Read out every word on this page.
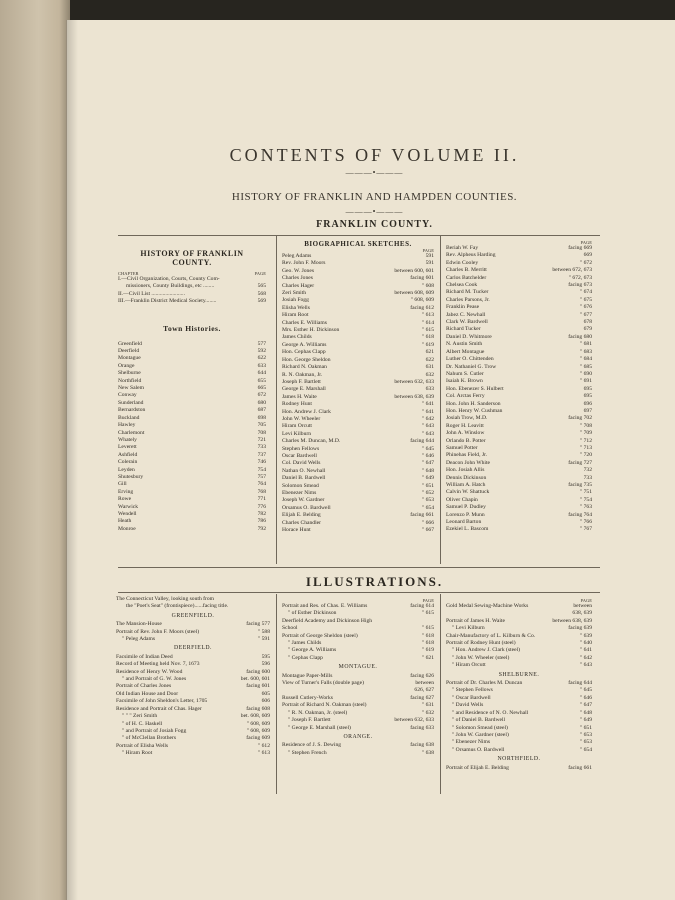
CONTENTS OF VOLUME II.
———•———
HISTORY OF FRANKLIN AND HAMPDEN COUNTIES.
———•———
FRANKLIN COUNTY.
HISTORY OF FRANKLIN
COUNTY.
CHAPTER	PAGE
I.—Civil Organization, Courts, County Com-
missioners, County Buildings, etc ........	565
II.—Civil List ........................	568
III.—Franklin District Medical Society........	569
Town Histories.
Greenfield	577
Deerfield	592
Montague	622
Orange	633
Shelburne	644
Northfield	655
New Salem	665
Conway	672
Sunderland	680
Bernardston	687
Buckland	698
Hawley	705
Charlemont	708
Whately	721
Leverett	733
Ashfield	737
Colerain	746
Leyden	754
Shutesbury	757
Gill	764
Erving	768
Rowe	771
Warwick	776
Wendell	782
Heath	786
Monroe	792
BIOGRAPHICAL SKETCHES.
PAGE
Peleg Adams	591
Rev. John F. Moors	591
Geo. W. Jones	between 600, 601
Charles Jones	facing 601
Charles Hager	" 608
Zeri Smith	between 608, 609
Josiah Fogg	" 608, 609
Elisha Wells	facing 612
Hiram Root	" 613
Charles E. Williams	" 614
Mrs. Esther H. Dickinson	" 615
James Childs	" 618
George A. Williams	" 619
Hon. Cephas Clapp	621
Hon. George Sheldon	622
Richard N. Oakman	631
R. N. Oakman, Jr.	632
Joseph F. Bartlett	between 632, 633
George E. Marshall	633
James H. Waite	between 638, 639
Rodney Hunt	" 641
Hon. Andrew J. Clark	" 641
John W. Wheeler	" 642
Hiram Orcutt	" 643
Levi Kilburn	" 643
Charles M. Duncan, M.D.	facing 644
Stephen Fellows	" 645
Oscar Bardwell	" 646
Col. David Wells	" 647
Nathan O. Newhall	" 648
Daniel B. Bardwell	" 649
Solomon Smead	" 651
Ebenezer Nims	" 652
Joseph W. Gardner	" 653
Orsamus O. Bardwell	" 654
Elijah E. Belding	facing 661
Charles Chandler	" 666
Horace Hunt	" 667
PAGE
Beriah W. Fay	facing 669
Rev. Alpheus Harding	669
Edwin Cooley	" 672
Charles B. Merritt	between 672, 673
Carlos Batchelder	" 672, 673
Chelsea Cook	facing 673
Richard M. Tucker	" 674
Charles Parsons, Jr.	" 675
Franklin Pease	" 676
Jabez C. Newhall	" 677
Clark W. Bardwell	678
Richard Tucker	679
Daniel D. Whitmore	facing 680
N. Austin Smith	" 681
Albert Montague	" 683
Luther O. Chittenden	" 684
Dr. Nathaniel G. Trow	" 685
Nahum S. Cutler	" 690
Isaiah K. Brown	" 691
Hon. Ebenezer S. Hulbert	695
Col. Arctas Ferry	695
Hon. John H. Sanderson	696
Hon. Henry W. Cushman	697
Josiah Trow, M.D.	facing 702
Roger H. Leavitt	" 708
John A. Winslow	" 709
Orlando B. Potter	" 712
Samuel Potter	" 713
Phinehas Field, Jr.	" 720
Deacon John White	facing 727
Hon. Josiah Allis	732
Dennis Dickinson	733
William A. Hatch	facing 735
Calvin W. Shattuck	" 751
Oliver Chapin	" 754
Samuel P. Dudley	" 763
Lorenzo P. Munn	facing 764
Leonard Barton	" 766
Ezekiel L. Bascom	" 767
ILLUSTRATIONS.
The Connecticut Valley, looking south from
the "Poet's Seat" (frontispiece)......facing title.
GREENFIELD.
The Mansion-House	facing 577
Portrait of Rev. John F. Moors (steel)	" 588
" Peleg Adams	" 591
DEERFIELD.
Facsimile of Indian Deed	595
Record of Meeting held Nov. 7, 1673	596
Residence of Henry W. Wood	facing 600
" and Portrait of G. W. Jones	bet. 600, 601
Portrait of Charles Jones	facing 601
Old Indian House and Door	605
Facsimile of John Sheldon's Letter, 1705	606
Residence and Portrait of Chas. Hager	facing 608
" " " Zeri Smith	bet. 608, 609
" of H. C. Haskell	" 608, 609
" and Portrait of Josiah Fogg	" 608, 609
" of McClellan Brothers	facing 609
Portrait of Elisha Wells	" 612
" Hiram Root	" 613
PAGE
Portrait and Res. of Chas. E. Williams	facing 614
" of Esther Dickinson	" 615
Deerfield Academy and Dickinson High
School	" 615
Portrait of George Sheldon (steel)	" 618
" James Childs	" 618
" George A. Williams	" 619
" Cephas Clapp	" 621
MONTAGUE.
Montague Paper-Mills	facing 626
View of Turner's Falls (double page)	between
626, 627
Russell Cutlery-Works	facing 627
Portrait of Richard N. Oakman (steel)	" 631
" R. N. Oakman, Jr. (steel)	" 632
" Joseph F. Bartlett	between 632, 633
" George E. Marshall (steel)	facing 633
ORANGE.
Residence of J. S. Dewing	facing 638
" Stephen French	" 638
PAGE
Gold Medal Sewing-Machine Works	between
638, 639
Portrait of James H. Waite	between 638, 639
" Levi Kilburn	facing 639
Chair-Manufactory of L. Kilburn & Co.	" 639
Portrait of Rodney Hunt (steel)	" 640
" Hon. Andrew J. Clark (steel)	" 641
" John W. Wheeler (steel)	" 642
" Hiram Orcutt	" 643
SHELBURNE.
Portrait of Dr. Charles M. Duncan	facing 644
" Stephen Fellows	" 645
" Oscar Bardwell	" 646
" David Wells	" 647
" and Residence of N. O. Newhall	" 648
" of Daniel B. Bardwell	" 649
" Solomon Smead (steel)	" 651
" John W. Gardner (steel)	" 653
" Ebenezer Nims	" 653
" Orsamus O. Bardwell	" 654
NORTHFIELD.
Portrait of Elijah E. Belding	facing 661
